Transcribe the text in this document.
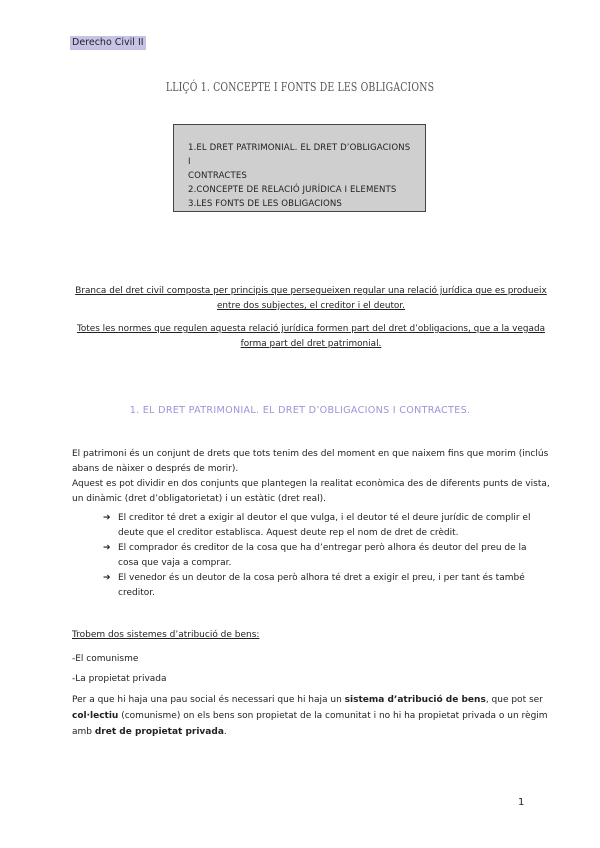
Derecho Civil II
LLIÇÓ 1. CONCEPTE I FONTS DE LES OBLIGACIONS
1.EL DRET PATRIMONIAL. EL DRET D’OBLIGACIONS I
CONTRACTES
2.CONCEPTE DE RELACIÓ JURÍDICA I ELEMENTS
3.LES FONTS DE LES OBLIGACIONS

Branca del dret civil composta per principis que persegueixen regular una relació jurídica que es produeix entre dos subjectes, el creditor i el deutor.

Totes les normes que regulen aquesta relació jurídica formen part del dret d’obligacions, que a la vegada forma part del dret patrimonial.

1. EL DRET PATRIMONIAL. EL DRET D’OBLIGACIONS I CONTRACTES.

El patrimoni és un conjunt de drets que tots tenim des del moment en que naixem fins que morim (inclús abans de nàixer o després de morir).

Aquest es pot dividir en dos conjunts que plantegen la realitat econòmica des de diferents punts de vista, un dinàmic (dret d’obligatorietat) i un estàtic (dret real).

➔ El creditor té dret a exigir al deutor el que vulga, i el deutor té el deure jurídic de complir el deute que el creditor establisca. Aquest deute rep el nom de dret de crèdit.
➔ El comprador és creditor de la cosa que ha d’entregar però alhora és deutor del preu de la cosa que vaja a comprar.
➔ El venedor és un deutor de la cosa però alhora té dret a exigir el preu, i per tant és també creditor.
Trobem dos sistemes d’atribució de bens:
-El comunisme
-La propietat privada
Per a que hi haja una pau social és necessari que hi haja un sistema d’atribució de bens, que pot ser col·lectiu (comunisme) on els bens son propietat de la comunitat i no hi ha propietat privada o un règim amb dret de propietat privada.
1
